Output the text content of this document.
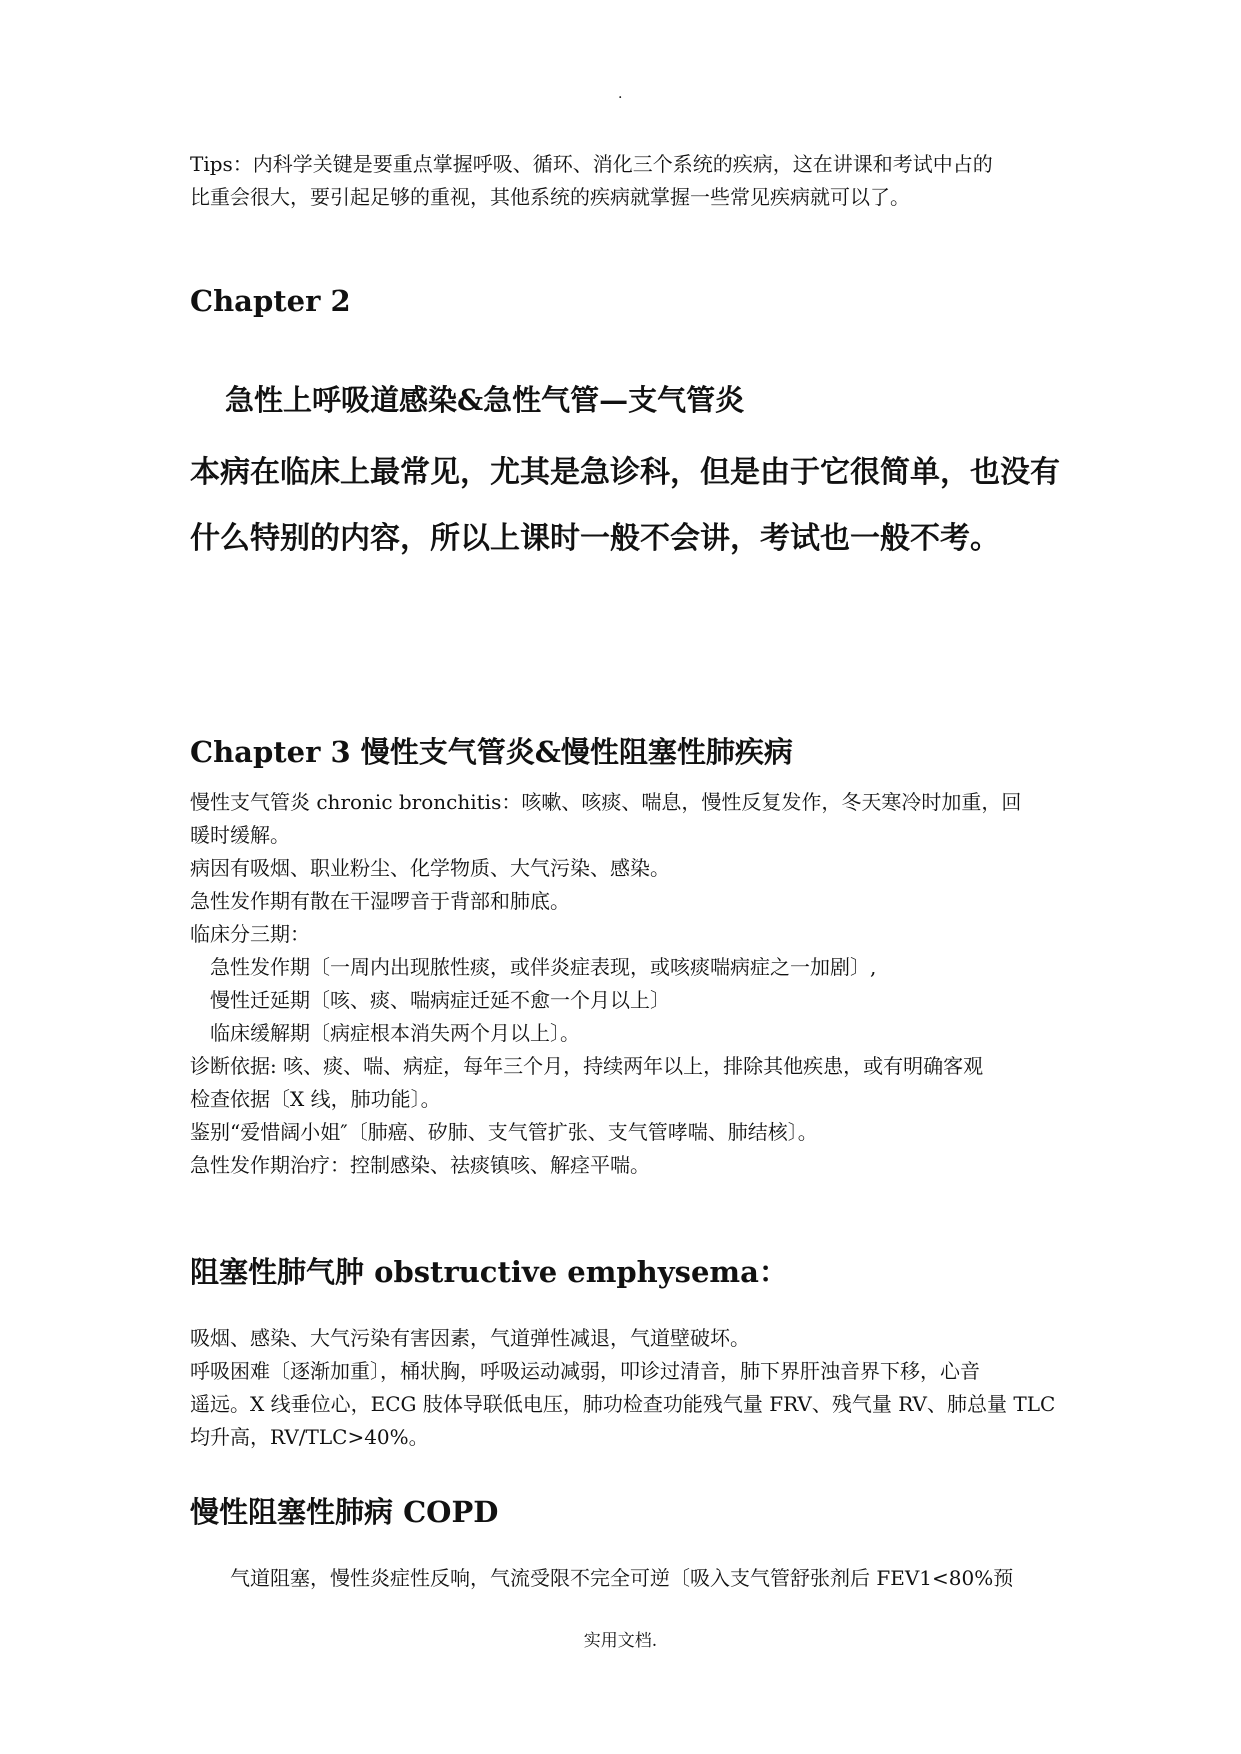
.

Tips：内科学关键是要重点掌握呼吸、循环、消化三个系统的疾病，这在讲课和考试中占的

比重会很大，要引起足够的重视，其他系统的疾病就掌握一些常见疾病就可以了。

Chapter 2
急性上呼吸道感染&急性气管—支气管炎

本病在临床上最常见，尤其是急诊科，但是由于它很简单，也没有什么特别的内容，所以上课时一般不会讲，考试也一般不考。

Chapter 3 慢性支气管炎&慢性阻塞性肺疾病

慢性支气管炎 chronic bronchitis：咳嗽、咳痰、喘息，慢性反复发作，冬天寒冷时加重，回

暖时缓解。

病因有吸烟、职业粉尘、化学物质、大气污染、感染。

急性发作期有散在干湿啰音于背部和肺底。

临床分三期：

急性发作期〔一周内出现脓性痰，或伴炎症表现，或咳痰喘病症之一加剧〕,

慢性迁延期〔咳、痰、喘病症迁延不愈一个月以上〕

临床缓解期〔病症根本消失两个月以上〕。

诊断依据: 咳、痰、喘、病症，每年三个月，持续两年以上，排除其他疾患，或有明确客观

检查依据〔X 线，肺功能〕。

鉴别“爱惜阔小姐″〔肺癌、矽肺、支气管扩张、支气管哮喘、肺结核〕。

急性发作期治疗：控制感染、祛痰镇咳、解痉平喘。

阻塞性肺气肿 obstructive emphysema：

吸烟、感染、大气污染有害因素，气道弹性减退，气道壁破坏。

呼吸困难〔逐渐加重〕，桶状胸，呼吸运动减弱，叩诊过清音，肺下界肝浊音界下移，心音

遥远。X 线垂位心，ECG 肢体导联低电压，肺功检查功能残气量 FRV、残气量 RV、肺总量 TLC

均升高，RV/TLC>40%。

慢性阻塞性肺病 COPD

气道阻塞，慢性炎症性反响，气流受限不完全可逆〔吸入支气管舒张剂后 FEV1<80%预

实用文档.
